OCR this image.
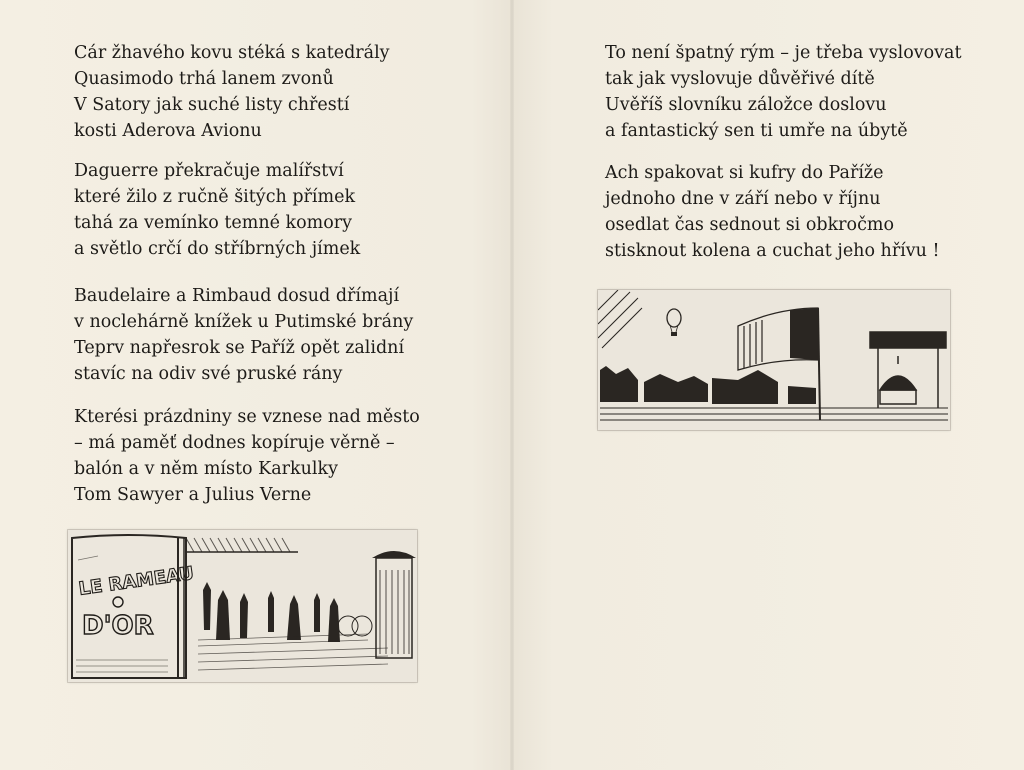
Cár žhavého kovu stéká s katedrály
Quasimodo trhá lanem zvonů
V Satory jak suché listy chřestí
kosti Aderova Avionu
Daguerre překračuje malířství
které žilo z ručně šitých přímek
tahá za vemínko temné komory
a světlo crčí do stříbrných jímek
Baudelaire a Rimbaud dosud dřímají
v noclehárně knížek u Putimské brány
Teprv napřesrok se Paříž opět zalidní
stavíc na odiv své pruské rány
Kterési prázdniny se vznese nad město
– má paměť dodnes kopíruje věrně –
balón a v něm místo Karkulky
Tom Sawyer a Julius Verne
LE RAMEAU
D'OR
To není špatný rým – je třeba vyslovovat
tak jak vyslovuje důvěřivé dítě
Uvěříš slovníku záložce doslovu
a fantastický sen ti umře na úbytě
Ach spakovat si kufry do Paříže
jednoho dne v září nebo v říjnu
osedlat čas sednout si obkročmo
stisknout kolena a cuchat jeho hřívu !
